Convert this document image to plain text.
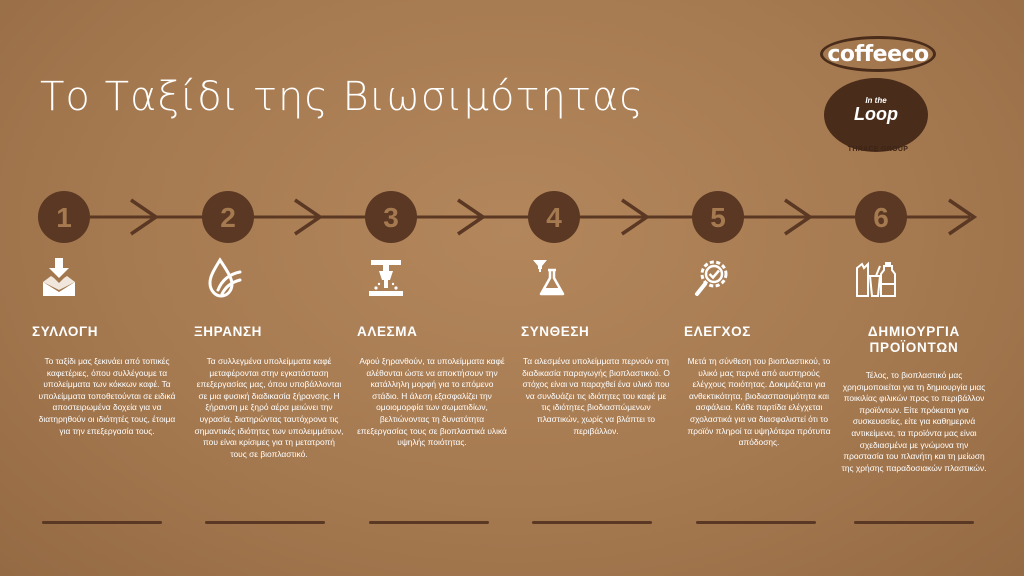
Το Ταξίδι της Βιωσιμότητας
coffeeco
In the
Loop
THRACE GROUP
1	2	3	4	5	6
ΣΥΛΛΟΓΗ
Το ταξίδι μας ξεκινάει από τοπικές καφετέριες, όπου συλλέγουμε τα υπολείμματα των κόκκων καφέ. Τα υπολείμματα τοποθετούνται σε ειδικά αποστειρωμένα δοχεία για να διατηρηθούν οι ιδιότητές τους, έτοιμα για την επεξεργασία τους.
ΞΗΡΑΝΣΗ
Τα συλλεγμένα υπολείμματα καφέ μεταφέρονται στην εγκατάσταση επεξεργασίας μας, όπου υποβάλλονται σε μια φυσική διαδικασία ξήρανσης. Η ξήρανση με ξηρό αέρα μειώνει την υγρασία, διατηρώντας ταυτόχρονα τις σημαντικές ιδιότητες των υπολειμμάτων, που είναι κρίσιμες για τη μετατροπή τους σε βιοπλαστικό.
ΑΛΕΣΜΑ
Αφού ξηρανθούν, τα υπολείμματα καφέ αλέθονται ώστε να αποκτήσουν την κατάλληλη μορφή για το επόμενο στάδιο. Η άλεση εξασφαλίζει την ομοιομορφία των σωματιδίων, βελτιώνοντας τη δυνατότητα επεξεργασίας τους σε βιοπλαστικά υλικά υψηλής ποιότητας.
ΣΥΝΘΕΣΗ
Τα αλεσμένα υπολείμματα περνούν στη διαδικασία παραγωγής βιοπλαστικού. Ο στόχος είναι να παραχθεί ένα υλικό που να συνδυάζει τις ιδιότητες του καφέ με τις ιδιότητες βιοδιασπώμενων πλαστικών, χωρίς να βλάπτει το περιβάλλον.
ΕΛΕΓΧΟΣ
Μετά τη σύνθεση του βιοπλαστικού, το υλικό μας περνά από αυστηρούς ελέγχους ποιότητας. Δοκιμάζεται για ανθεκτικότητα, βιοδιασπασιμότητα και ασφάλεια. Κάθε παρτίδα ελέγχεται σχολαστικά για να διασφαλιστεί ότι το προϊόν πληροί τα υψηλότερα πρότυπα απόδοσης.
ΔΗΜΙΟΥΡΓΙΑ ΠΡΟΪΟΝΤΩΝ
Τέλος, το βιοπλαστικό μας χρησιμοποιείται για τη δημιουργία μιας ποικιλίας φιλικών προς το περιβάλλον προϊόντων. Είτε πρόκειται για συσκευασίες, είτε για καθημερινά αντικείμενα, τα προϊόντα μας είναι σχεδιασμένα με γνώμονα την προστασία του πλανήτη και τη μείωση της χρήσης παραδοσιακών πλαστικών.
